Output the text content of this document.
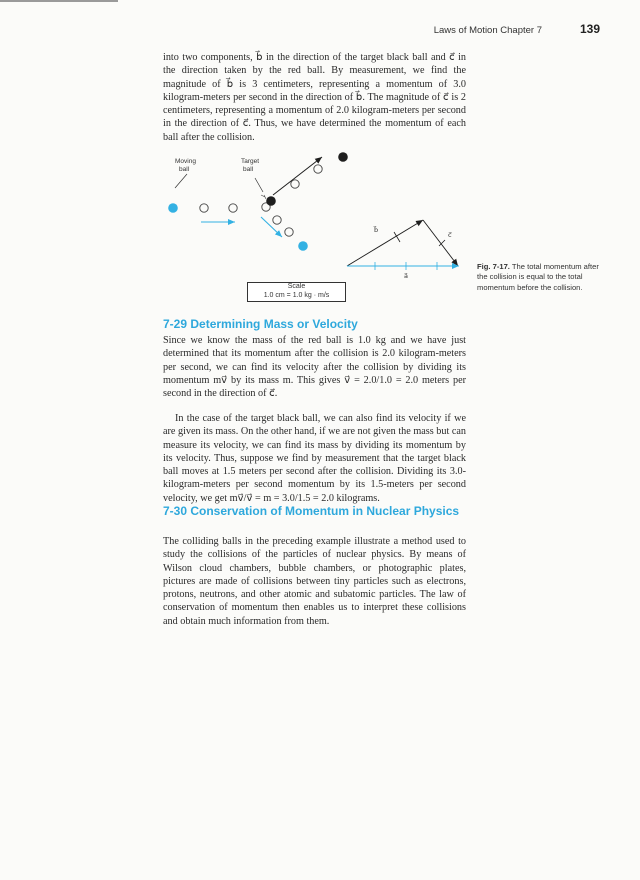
Laws of Motion Chapter 7	139

into two components, b⃗ in the direction of the target black ball and c⃗ in the direction taken by the red ball. By measurement, we find the magnitude of b⃗ is 3 centimeters, representing a momentum of 3.0 kilogram-meters per second in the direction of b⃗. The magnitude of c⃗ is 2 centimeters, representing a momentum of 2.0 kilogram-meters per second in the direction of c⃗. Thus, we have determined the momentum of each ball after the collision.

Moving
ball
Target
ball
b⃗
c⃗
a⃗
Scale
1.0 cm = 1.0 kg · m/s

Fig. 7-17. The total momentum after the collision is equal to the total momentum before the collision.

7-29 Determining Mass or Velocity

Since we know the mass of the red ball is 1.0 kg and we have just determined that its momentum after the collision is 2.0 kilogram-meters per second, we can find its velocity after the collision by dividing its momentum mv⃗ by its mass m. This gives v⃗ = 2.0/1.0 = 2.0 meters per second in the direction of c⃗.

In the case of the target black ball, we can also find its velocity if we are given its mass. On the other hand, if we are not given the mass but can measure its velocity, we can find its mass by dividing its momentum by its velocity. Thus, suppose we find by measurement that the target black ball moves at 1.5 meters per second after the collision. Dividing its 3.0-kilogram-meters per second momentum by its 1.5-meters per second velocity, we get mv⃗/v⃗ = m = 3.0/1.5 = 2.0 kilograms.

7-30 Conservation of Momentum in Nuclear Physics

The colliding balls in the preceding example illustrate a method used to study the collisions of the particles of nuclear physics. By means of Wilson cloud chambers, bubble chambers, or photographic plates, pictures are made of collisions between tiny particles such as electrons, protons, neutrons, and other atomic and subatomic particles. The law of conservation of momentum then enables us to interpret these collisions and obtain much information from them.
